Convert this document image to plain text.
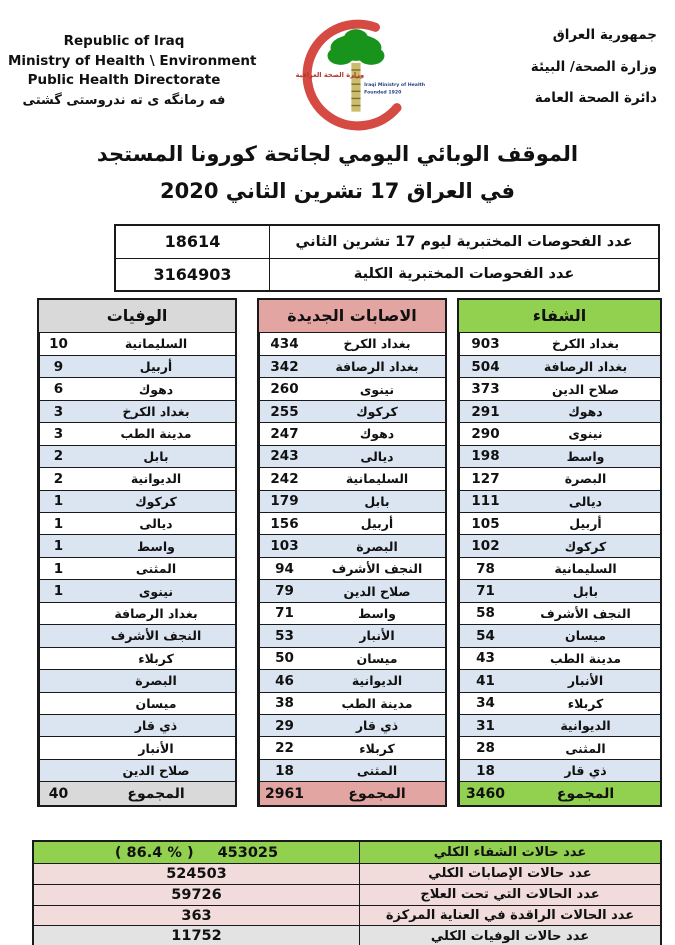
Republic of Iraq
Ministry of Health \ Environment
Public Health Directorate
فه رمانگه ی ته ندروستی گشتی
وزارة الصحة العراقية
Iraqi Ministry of Health
Founded 1920
جمهورية العراق
وزارة الصحة/ البيئة
دائرة الصحة العامة
الموقف الوبائي اليومي لجائحة كورونا المستجد
في العراق 17 تشرين الثاني 2020
عدد الفحوصات المختبرية ليوم 17 تشرين الثاني
18614
عدد الفحوصات المختبرية الكلية
3164903
الشفاء
بغداد الكرخ
903
بغداد الرصافة
504
صلاح الدين
373
دهوك
291
نينوى
290
واسط
198
البصرة
127
ديالى
111
أربيل
105
كركوك
102
السليمانية
78
بابل
71
النجف الأشرف
58
ميسان
54
مدينة الطب
43
الأنبار
41
كربلاء
34
الديوانية
31
المثنى
28
ذي قار
18
المجموع
3460
الاصابات الجديدة
بغداد الكرخ
434
بغداد الرصافة
342
نينوى
260
كركوك
255
دهوك
247
ديالى
243
السليمانية
242
بابل
179
أربيل
156
البصرة
103
النجف الأشرف
94
صلاح الدين
79
واسط
71
الأنبار
53
ميسان
50
الديوانية
46
مدينة الطب
38
ذي قار
29
كربلاء
22
المثنى
18
المجموع
2961
الوفيات
السليمانية
10
أربيل
9
دهوك
6
بغداد الكرخ
3
مدينة الطب
3
بابل
2
الديوانية
2
كركوك
1
ديالى
1
واسط
1
المثنى
1
نينوى
1
بغداد الرصافة
النجف الأشرف
كربلاء
البصرة
ميسان
ذي قار
الأنبار
صلاح الدين
المجموع
40
عدد حالات الشفاء الكلي
( 86.4 % ) 453025
عدد حالات الإصابات الكلي
524503
عدد الحالات التي تحت العلاج
59726
عدد الحالات الراقدة في العناية المركزة
363
عدد حالات الوفيات الكلي
11752
